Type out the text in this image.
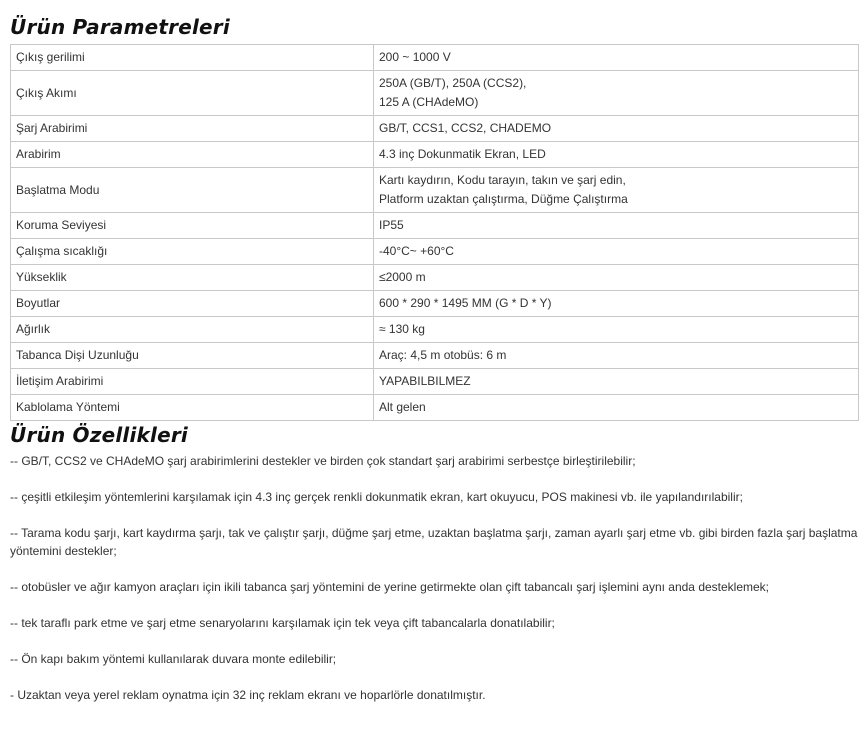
Ürün Parametreleri
Çıkış gerilimi	200 ~ 1000 V
Çıkış Akımı	250A (GB/T), 250A (CCS2),
125 A (CHAdeMO)
Şarj Arabirimi	GB/T, CCS1, CCS2, CHADEMO
Arabirim	4.3 inç Dokunmatik Ekran, LED
Başlatma Modu	Kartı kaydırın, Kodu tarayın, takın ve şarj edin,
Platform uzaktan çalıştırma, Düğme Çalıştırma
Koruma Seviyesi	IP55
Çalışma sıcaklığı	-40°C~ +60°C
Yükseklik	≤2000 m
Boyutlar	600 * 290 * 1495 MM (G * D * Y)
Ağırlık	≈ 130 kg
Tabanca Dişi Uzunluğu	Araç: 4,5 m otobüs: 6 m
İletişim Arabirimi	YAPABILBILMEZ
Kablolama Yöntemi	Alt gelen
Ürün Özellikleri

-- GB/T, CCS2 ve CHAdeMO şarj arabirimlerini destekler ve birden çok standart şarj arabirimi serbestçe birleştirilebilir;

-- çeşitli etkileşim yöntemlerini karşılamak için 4.3 inç gerçek renkli dokunmatik ekran, kart okuyucu, POS makinesi vb. ile yapılandırılabilir;

-- Tarama kodu şarjı, kart kaydırma şarjı, tak ve çalıştır şarjı, düğme şarj etme, uzaktan başlatma şarjı, zaman ayarlı şarj etme vb. gibi birden fazla şarj başlatma yöntemini destekler;

-- otobüsler ve ağır kamyon araçları için ikili tabanca şarj yöntemini de yerine getirmekte olan çift tabancalı şarj işlemini aynı anda desteklemek;

-- tek taraflı park etme ve şarj etme senaryolarını karşılamak için tek veya çift tabancalarla donatılabilir;

-- Ön kapı bakım yöntemi kullanılarak duvara monte edilebilir;

- Uzaktan veya yerel reklam oynatma için 32 inç reklam ekranı ve hoparlörle donatılmıştır.
